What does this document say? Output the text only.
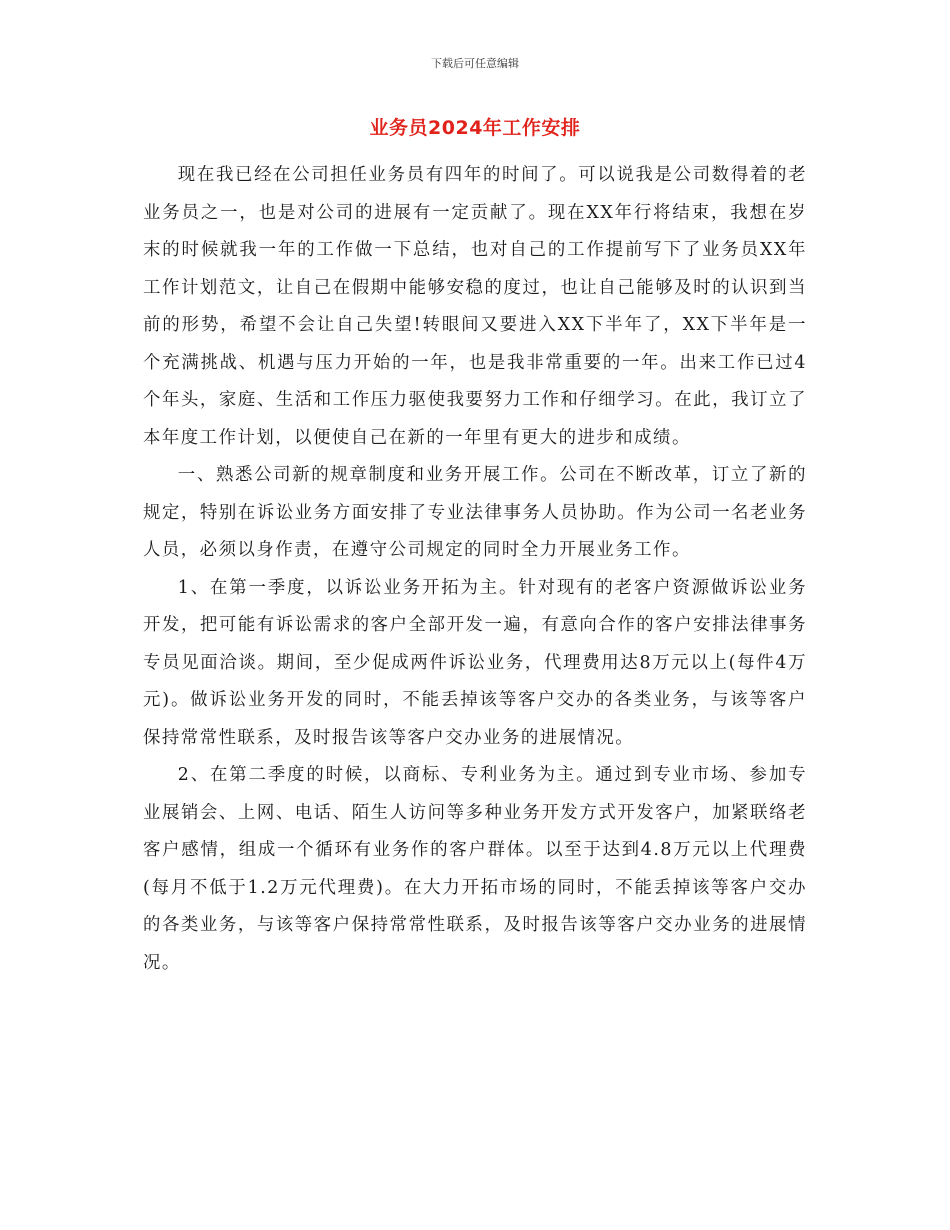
下载后可任意编辑
业务员2024年工作安排

现在我已经在公司担任业务员有四年的时间了。可以说我是公司数得着的老业务员之一，也是对公司的进展有一定贡献了。现在XX年行将结束，我想在岁末的时候就我一年的工作做一下总结，也对自己的工作提前写下了业务员XX年工作计划范文，让自己在假期中能够安稳的度过，也让自己能够及时的认识到当前的形势，希望不会让自己失望!转眼间又要进入XX下半年了，XX下半年是一个充满挑战、机遇与压力开始的一年，也是我非常重要的一年。出来工作已过4个年头，家庭、生活和工作压力驱使我要努力工作和仔细学习。在此，我订立了本年度工作计划，以便使自己在新的一年里有更大的进步和成绩。

一、熟悉公司新的规章制度和业务开展工作。公司在不断改革，订立了新的规定，特别在诉讼业务方面安排了专业法律事务人员协助。作为公司一名老业务人员，必须以身作责，在遵守公司规定的同时全力开展业务工作。

1、在第一季度，以诉讼业务开拓为主。针对现有的老客户资源做诉讼业务开发，把可能有诉讼需求的客户全部开发一遍，有意向合作的客户安排法律事务专员见面洽谈。期间，至少促成两件诉讼业务，代理费用达8万元以上(每件4万元)。做诉讼业务开发的同时，不能丢掉该等客户交办的各类业务，与该等客户保持常常性联系，及时报告该等客户交办业务的进展情况。

2、在第二季度的时候，以商标、专利业务为主。通过到专业市场、参加专业展销会、上网、电话、陌生人访问等多种业务开发方式开发客户，加紧联络老客户感情，组成一个循环有业务作的客户群体。以至于达到4.8万元以上代理费(每月不低于1.2万元代理费)。在大力开拓市场的同时，不能丢掉该等客户交办的各类业务，与该等客户保持常常性联系，及时报告该等客户交办业务的进展情况。
